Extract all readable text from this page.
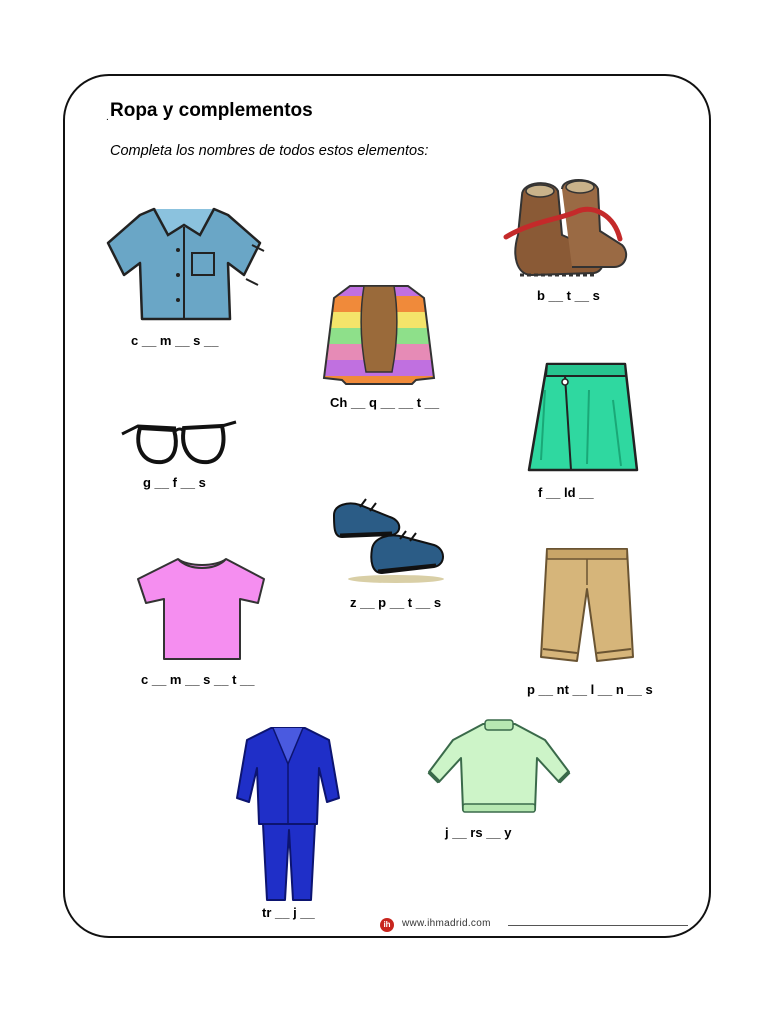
. Ropa y complementos
Completa los nombres de todos estos elementos:
c __ m __ s __
Ch __ q __ __ t __
b __ t __ s
g __ f __ s
f __ ld __
z __ p __ t __ s
c __ m __ s __ t __
p __ nt __ l __ n __ s
tr __ j __
j __ rs __ y
ih	www.ihmadrid.com
